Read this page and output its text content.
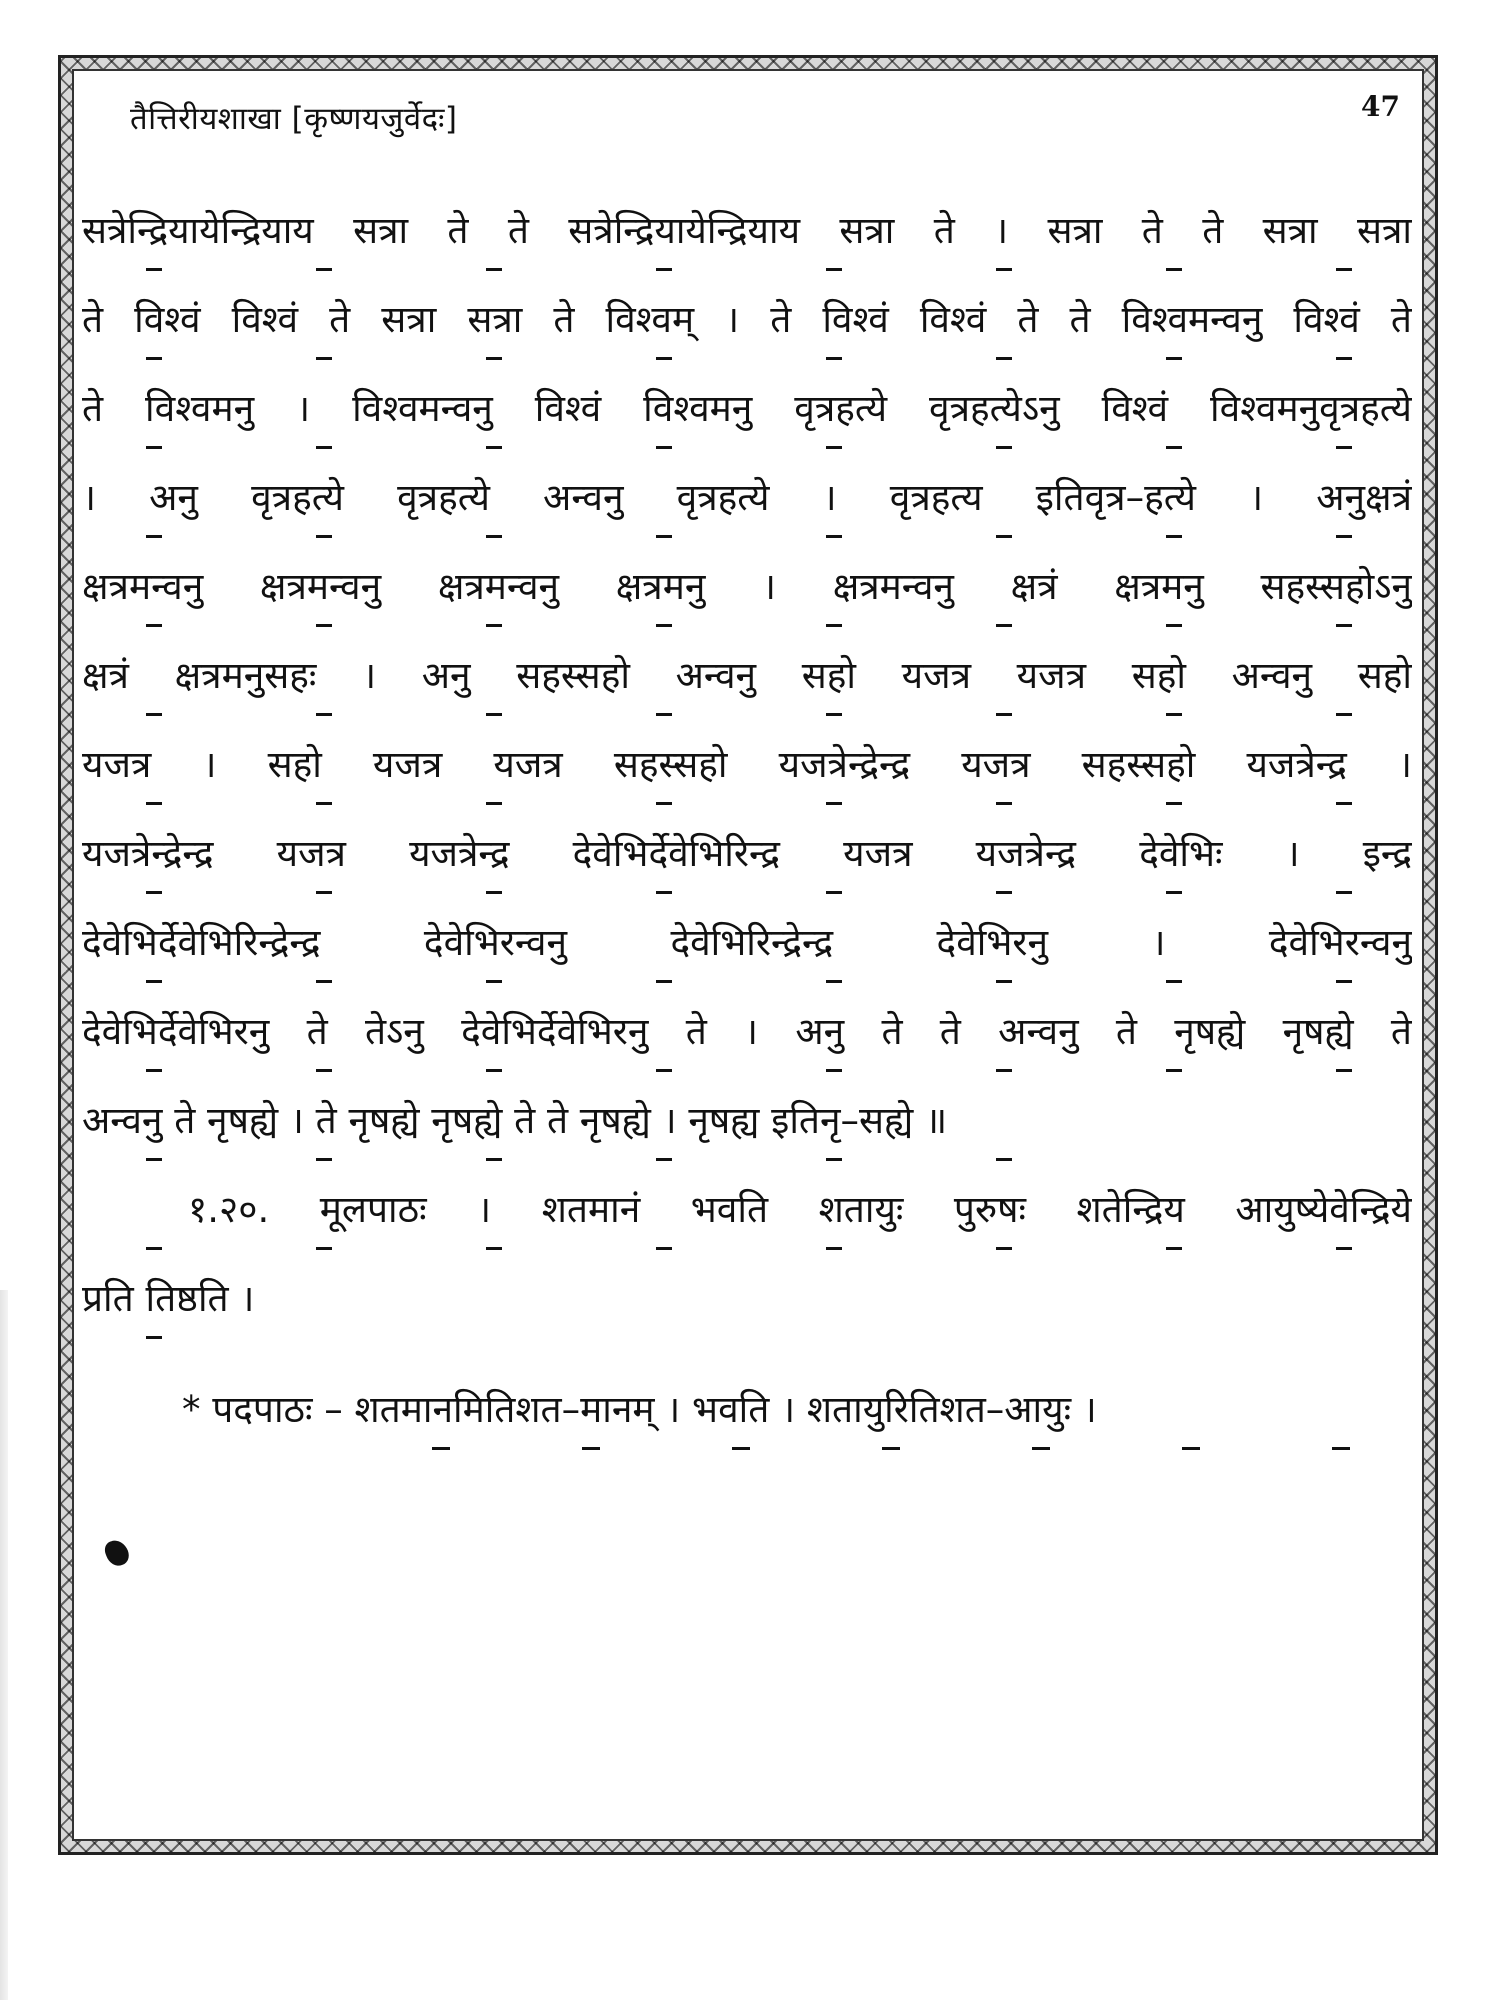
तैत्तिरीयशाखा [कृष्णयजुर्वेदः]	47
सत्रेन्द्रियायेन्द्रियाय सत्रा ते ते सत्रेन्द्रियायेन्द्रियाय सत्रा ते । सत्रा ते ते सत्रा सत्रा
ते विश्वं विश्वं ते सत्रा सत्रा ते विश्वम् । ते विश्वं विश्वं ते ते विश्वमन्वनु विश्वं ते
ते विश्वमनु । विश्वमन्वनु विश्वं विश्वमनु वृत्रहत्ये वृत्रहत्येऽनु विश्वं विश्वमनुवृत्रहत्ये
। अनु वृत्रहत्ये वृत्रहत्ये अन्वनु वृत्रहत्ये । वृत्रहत्य इतिवृत्र–हत्ये । अनुक्षत्रं
क्षत्रमन्वनु क्षत्रमन्वनु क्षत्रमन्वनु क्षत्रमनु । क्षत्रमन्वनु क्षत्रं क्षत्रमनु सहस्सहोऽनु
क्षत्रं क्षत्रमनुसहः । अनु सहस्सहो अन्वनु सहो यजत्र यजत्र सहो अन्वनु सहो
यजत्र । सहो यजत्र यजत्र सहस्सहो यजत्रेन्द्रेन्द्र यजत्र सहस्सहो यजत्रेन्द्र ।
यजत्रेन्द्रेन्द्र यजत्र यजत्रेन्द्र देवेभिर्देवेभिरिन्द्र यजत्र यजत्रेन्द्र देवेभिः । इन्द्र
देवेभिर्देवेभिरिन्द्रेन्द्र देवेभिरन्वनु देवेभिरिन्द्रेन्द्र देवेभिरनु । देवेभिरन्वनु
देवेभिर्देवेभिरनु ते तेऽनु देवेभिर्देवेभिरनु ते । अनु ते ते अन्वनु ते नृषह्ये नृषह्ये ते
अन्वनु ते नृषह्ये । ते नृषह्ये नृषह्ये ते ते नृषह्ये । नृषह्य इतिनृ–सह्ये ॥
१.२०. मूलपाठः । शतमानं भवति शतायुः पुरुषः शतेन्द्रिय आयुष्येवेन्द्रिये
प्रति तिष्ठति ।
* पदपाठः – शतमानमितिशत–मानम् । भवति । शतायुरितिशत–आयुः ।
